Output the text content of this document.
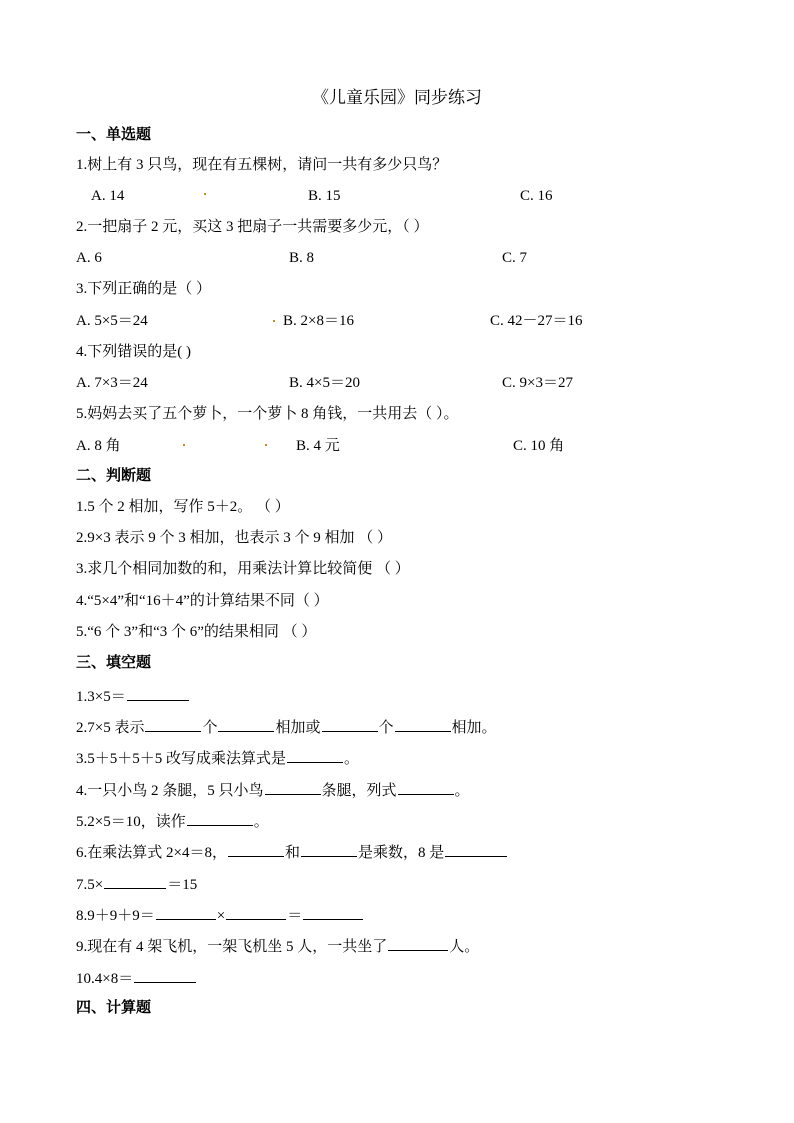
《儿童乐园》同步练习
一、单选题
1.树上有 3 只鸟，现在有五棵树，请问一共有多少只鸟？
A. 14	B. 15	C. 16
2.一把扇子 2 元，买这 3 把扇子一共需要多少元，（ ）
A. 6	B. 8	C. 7
3.下列正确的是（ ）
A. 5×5＝24	B. 2×8＝16	C. 42－27＝16
4.下列错误的是( )
A. 7×3＝24	B. 4×5＝20	C. 9×3＝27
5.妈妈去买了五个萝卜，一个萝卜 8 角钱，一共用去（ ）。
A. 8 角	B. 4 元	C. 10 角
二、判断题
1.5 个 2 相加，写作 5＋2。 （ ）
2.9×3 表示 9 个 3 相加，也表示 3 个 9 相加 （ ）
3.求几个相同加数的和，用乘法计算比较简便 （ ）
4.“5×4”和“16＋4”的计算结果不同（ ）
5.“6 个 3”和“3 个 6”的结果相同 （ ）
三、填空题
1.3×5＝
2.7×5 表示	个	相加或	个	相加。
3.5＋5＋5＋5 改写成乘法算式是	。
4.一只小鸟 2 条腿，5 只小鸟	条腿，列式	。
5.2×5＝10，读作	。
6.在乘法算式 2×4＝8，	和	是乘数，8 是
7.5×	＝15
8.9＋9＋9＝	×	＝
9.现在有 4 架飞机，一架飞机坐 5 人，一共坐了	人。
10.4×8＝
四、计算题
